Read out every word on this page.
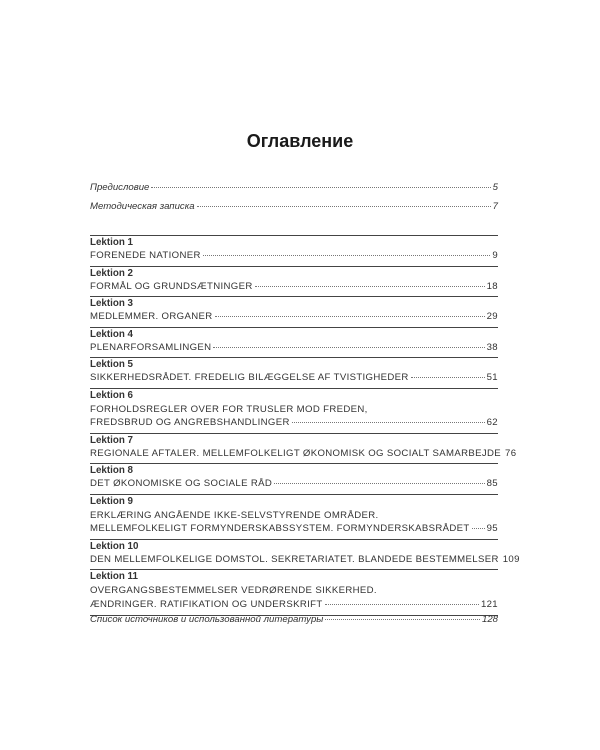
Оглавление
Предисловие	5
Методическая записка	7
Lektion 1
FORENEDE NATIONER	9
Lektion 2
FORMÅL OG GRUNDSÆTNINGER	18
Lektion 3
MEDLEMMER. ORGANER	29
Lektion 4
PLENARFORSAMLINGEN	38
Lektion 5
SIKKERHEDSRÅDET. FREDELIG BILÆGGELSE AF TVISTIGHEDER	51
Lektion 6
FORHOLDSREGLER OVER FOR TRUSLER MOD FREDEN,
FREDSBRUD OG ANGREBSHANDLINGER	62
Lektion 7
REGIONALE AFTALER. MELLEMFOLKELIGT ØKONOMISK OG SOCIALT SAMARBEJDE 76
Lektion 8
DET ØKONOMISKE OG SOCIALE RÅD	85
Lektion 9
ERKLÆRING ANGÅENDE IKKE-SELVSTYRENDE OMRÅDER.
MELLEMFOLKELIGT FORMYNDERSKABSSYSTEM. FORMYNDERSKABSRÅDET 95
Lektion 10
DEN MELLEMFOLKELIGE DOMSTOL. SEKRETARIATET. BLANDEDE BESTEMMELSER 109
Lektion 11
OVERGANGSBESTEMMELSER VEDRØRENDE SIKKERHED.
ÆNDRINGER. RATIFIKATION OG UNDERSKRIFT	121
Список источников и использованной литературы	128
